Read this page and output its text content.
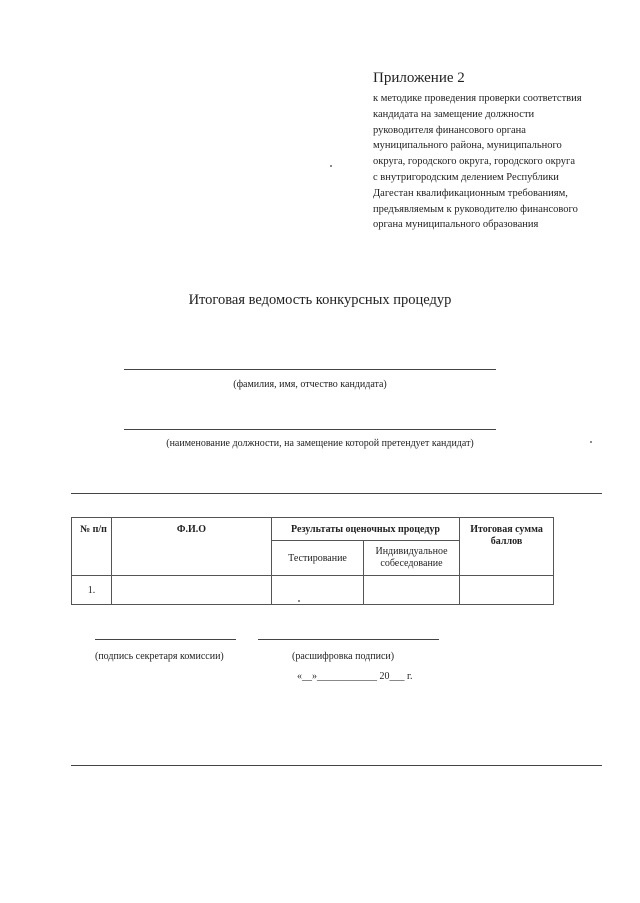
Приложение 2
к методике проведения проверки соответствия
кандидата на замещение должности
руководителя финансового органа
муниципального района, муниципального
округа, городского округа, городского округа
с внутригородским делением Республики
Дагестан квалификационным требованиям,
предъявляемым к руководителю финансового
органа муниципального образования
Итоговая ведомость конкурсных процедур
(фамилия, имя, отчество кандидата)
(наименование должности, на замещение которой претендует кандидат)
№ п/п	Ф.И.О	Результаты оценочных процедур		Итоговая сумма баллов
		Тестирование	Индивидуальное собеседование	
1.				
(подпись секретаря комиссии)	(расшифровка подписи)
«__»____________ 20___ г.
